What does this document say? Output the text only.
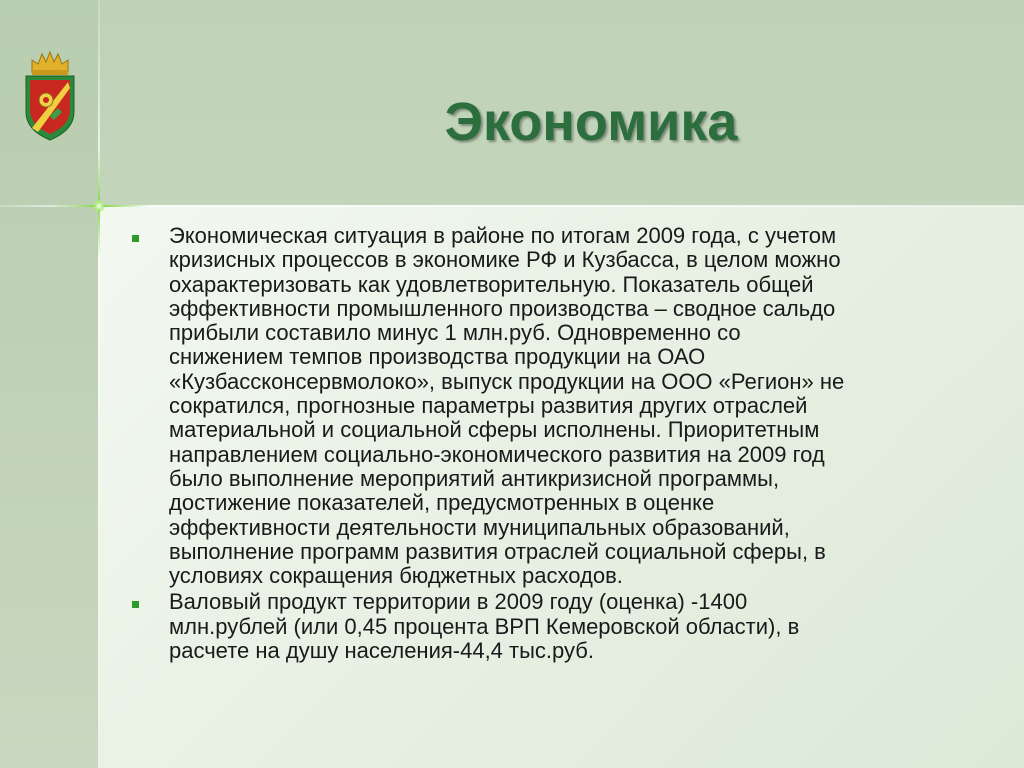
Экономика
Экономическая ситуация в районе по итогам 2009 года, с учетом
кризисных процессов в экономике РФ и Кузбасса, в целом можно
охарактеризовать как удовлетворительную. Показатель общей
эффективности промышленного производства – сводное сальдо
прибыли составило минус 1 млн.руб. Одновременно со
снижением темпов производства продукции на ОАО
«Кузбассконсервмолоко», выпуск продукции на ООО «Регион» не
сократился, прогнозные параметры развития других отраслей
материальной и социальной сферы исполнены. Приоритетным
направлением социально-экономического развития на 2009 год
было выполнение мероприятий антикризисной программы,
достижение показателей, предусмотренных в оценке
эффективности деятельности муниципальных образований,
выполнение программ развития отраслей социальной сферы, в
условиях сокращения бюджетных расходов.
Валовый продукт территории в 2009 году (оценка) -1400
млн.рублей (или 0,45 процента ВРП Кемеровской области), в
расчете на душу населения-44,4 тыс.руб.
